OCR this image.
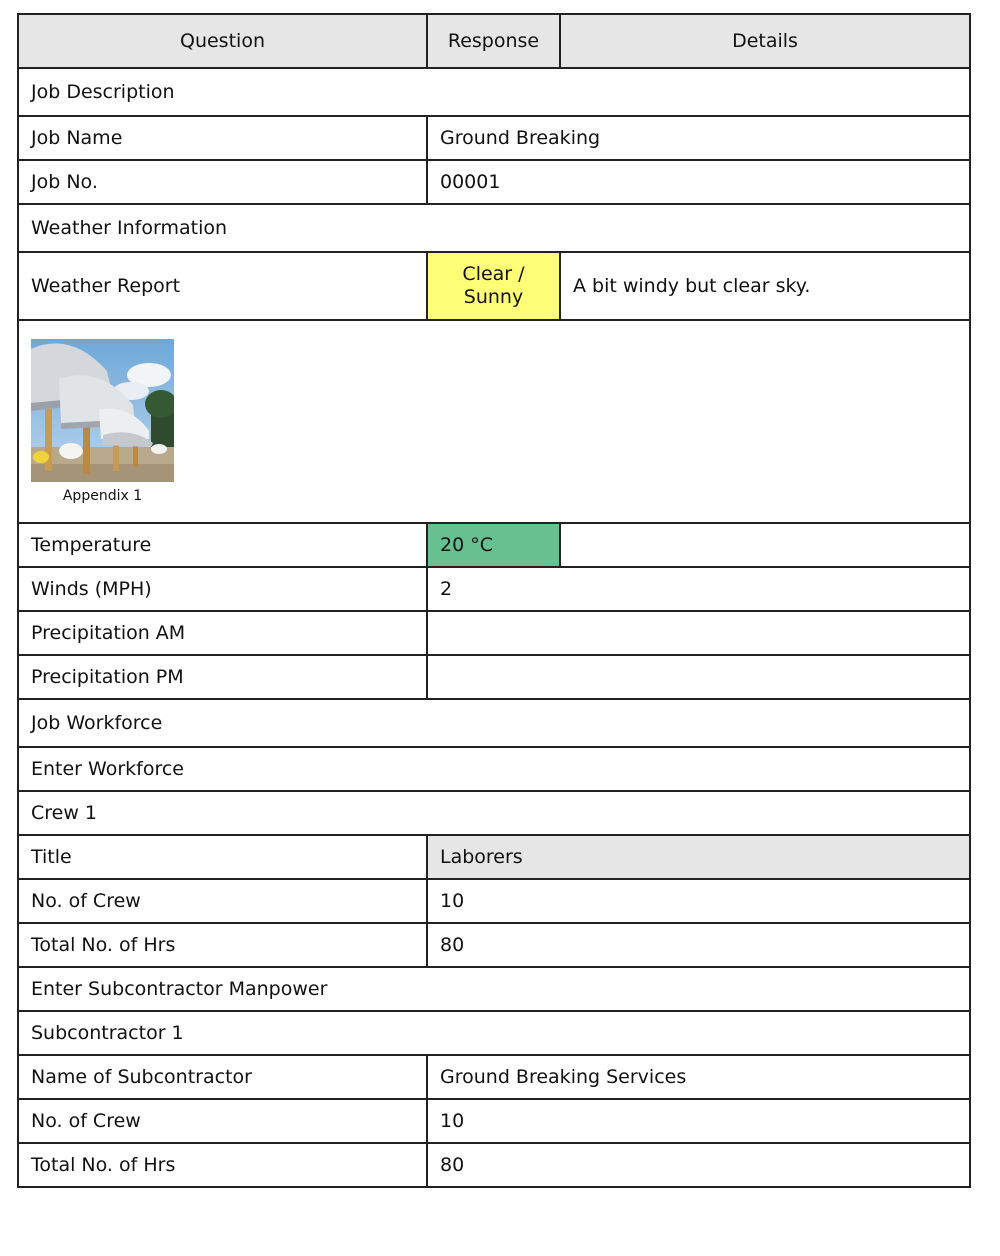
Question	Response	Details
Job Description		
Job Name	Ground Breaking	
Job No.	00001	
Weather Information		
Weather Report	Clear / Sunny	A bit windy but clear sky.

Appendix 1		

Temperature	20 °C	
Winds (MPH)	2	
Precipitation AM		
Precipitation PM		
Job Workforce		
Enter Workforce		
Crew 1		
Title	Laborers	
No. of Crew	10	
Total No. of Hrs	80	
Enter Subcontractor Manpower		
Subcontractor 1		
Name of Subcontractor	Ground Breaking Services	
No. of Crew	10	
Total No. of Hrs	80	
